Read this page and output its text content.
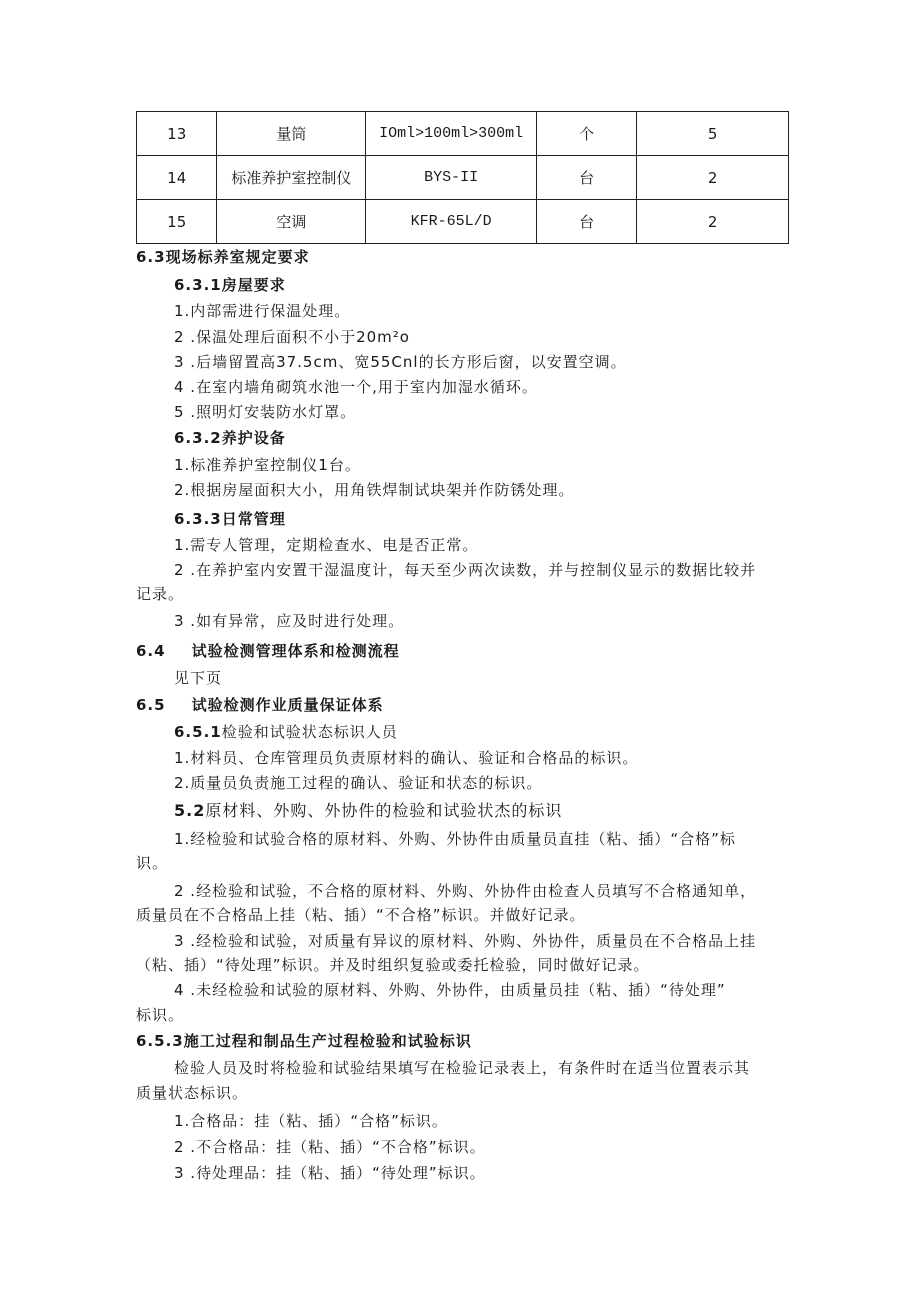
13	量筒	IOml>100ml>300ml	个	5
14	标准养护室控制仪	BYS-II	台	2
15	空调	KFR-65L/D	台	2
6.3现场标养室规定要求
6.3.1房屋要求
1.内部需进行保温处理。
2 .保温处理后面积不小于20m²o
3 .后墙留置高37.5cm、宽55Cnl的长方形后窗，以安置空调。
4 .在室内墙角砌筑水池一个,用于室内加湿水循环。
5 .照明灯安装防水灯罩。
6.3.2养护设备
1.标准养护室控制仪1台。
2.根据房屋面积大小，用角铁焊制试块架并作防锈处理。
6.3.3日常管理
1.需专人管理，定期检查水、电是否正常。
2 .在养护室内安置干湿温度计，每天至少两次读数，并与控制仪显示的数据比较并
记录。
3 .如有异常，应及时进行处理。
6.4 试验检测管理体系和检测流程
见下页
6.5 试验检测作业质量保证体系
6.5.1检验和试验状态标识人员
1.材料员、仓库管理员负责原材料的确认、验证和合格品的标识。
2.质量员负责施工过程的确认、验证和状态的标识。
5.2原材料、外购、外协件的检验和试验状杰的标识
1.经检验和试验合格的原材料、外购、外协件由质量员直挂（粘、插）“合格”标
识。
2 .经检验和试验，不合格的原材料、外购、外协件由检查人员填写不合格通知单，
质量员在不合格品上挂（粘、插）“不合格”标识。并做好记录。
3 .经检验和试验，对质量有异议的原材料、外购、外协件，质量员在不合格品上挂
（粘、插）“待处理”标识。并及时组织复验或委托检验，同时做好记录。
4 .未经检验和试验的原材料、外购、外协件，由质量员挂（粘、插）“待处理”
标识。
6.5.3施工过程和制品生产过程检验和试验标识
检验人员及时将检验和试验结果填写在检验记录表上，有条件时在适当位置表示其
质量状态标识。
1.合格品：挂（粘、插）“合格”标识。
2 .不合格品：挂（粘、插）“不合格”标识。
3 .待处理品：挂（粘、插）“待处理”标识。
